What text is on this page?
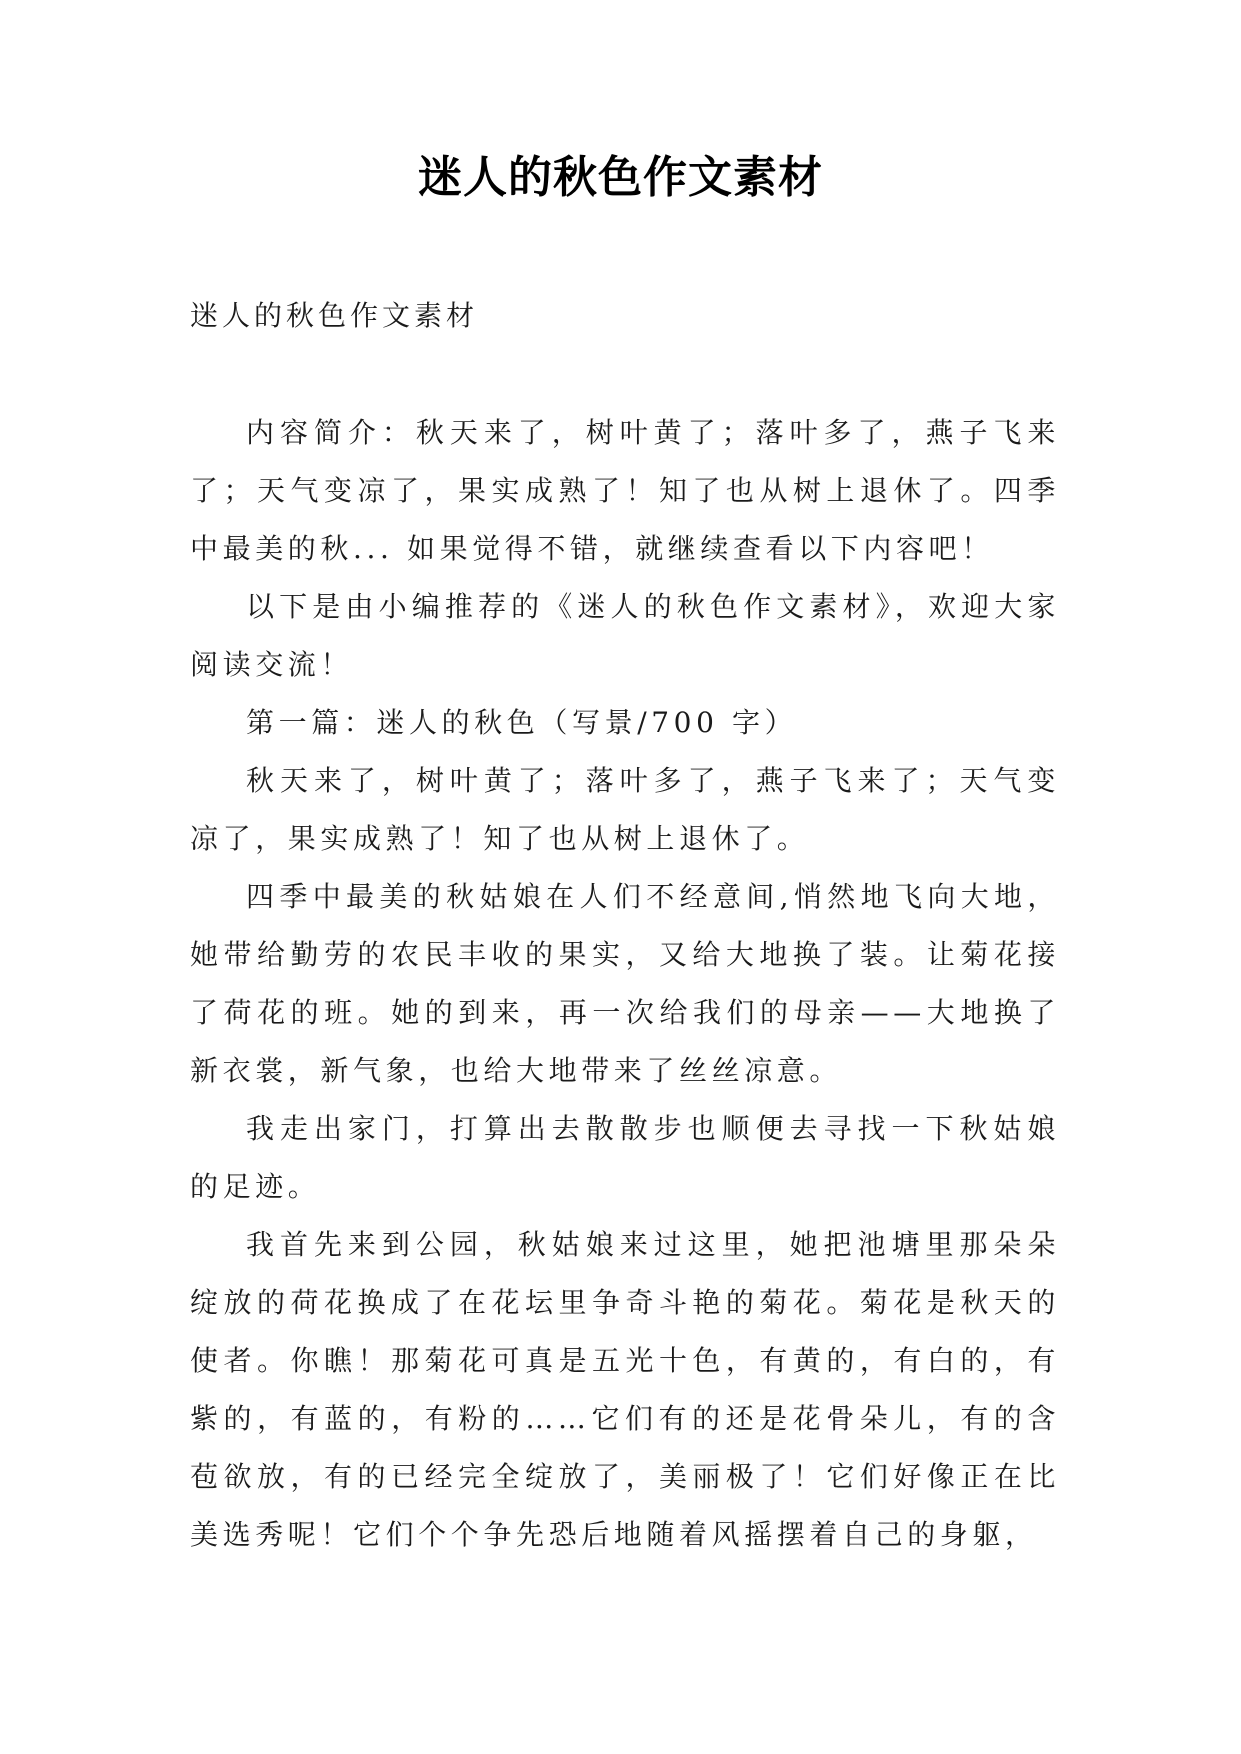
迷人的秋色作文素材
迷人的秋色作文素材

内容简介：秋天来了，树叶黄了；落叶多了，燕子飞来了；天气变凉了，果实成熟了！知了也从树上退休了。四季中最美的秋... 如果觉得不错，就继续查看以下内容吧！

以下是由小编推荐的《迷人的秋色作文素材》，欢迎大家阅读交流！

第一篇：迷人的秋色（写景/700 字）

秋天来了，树叶黄了；落叶多了，燕子飞来了；天气变凉了，果实成熟了！知了也从树上退休了。

四季中最美的秋姑娘在人们不经意间,悄然地飞向大地，她带给勤劳的农民丰收的果实，又给大地换了装。让菊花接了荷花的班。她的到来，再一次给我们的母亲——大地换了新衣裳，新气象，也给大地带来了丝丝凉意。

我走出家门，打算出去散散步也顺便去寻找一下秋姑娘的足迹。

我首先来到公园，秋姑娘来过这里，她把池塘里那朵朵绽放的荷花换成了在花坛里争奇斗艳的菊花。菊花是秋天的使者。你瞧！那菊花可真是五光十色，有黄的，有白的，有紫的，有蓝的，有粉的……它们有的还是花骨朵儿，有的含苞欲放，有的已经完全绽放了，美丽极了！它们好像正在比美选秀呢！它们个个争先恐后地随着风摇摆着自己的身躯，
